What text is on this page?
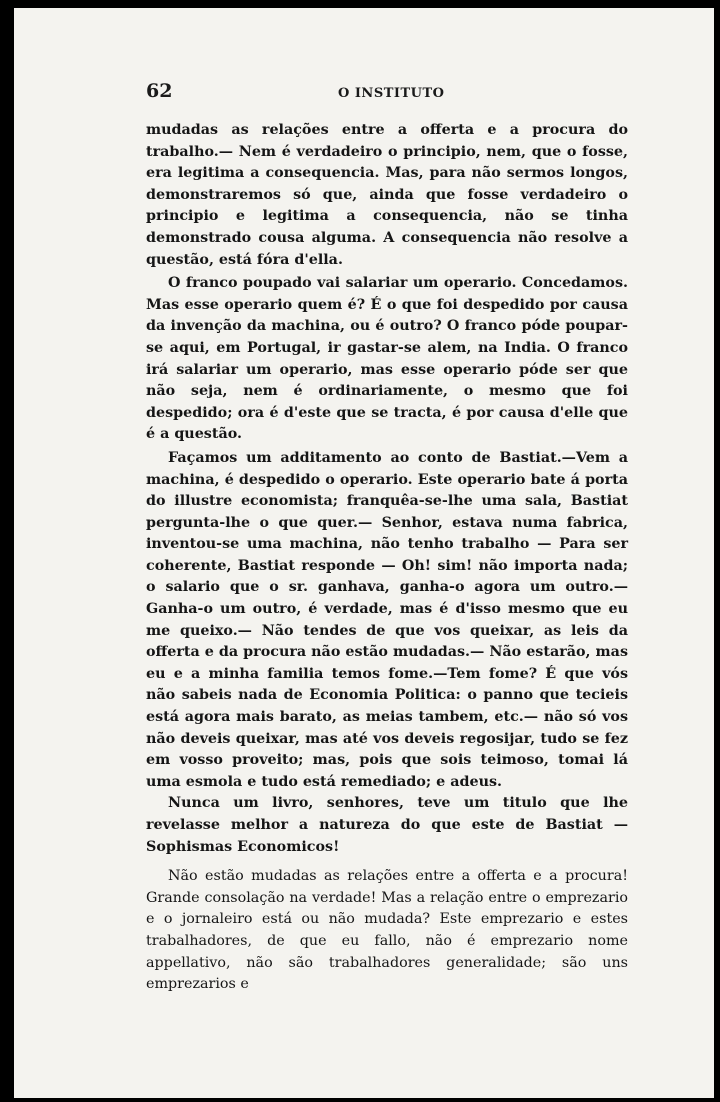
62	O INSTITUTO

mudadas as relações entre a offerta e a procura do trabalho.— Nem é verdadeiro o principio, nem, que o fosse, era legitima a consequencia. Mas, para não sermos longos, demonstraremos só que, ainda que fosse verdadeiro o principio e legitima a consequencia, não se tinha demonstrado cousa alguma. A consequencia não resolve a questão, está fóra d'ella.

O franco poupado vai salariar um operario. Concedamos. Mas esse operario quem é? É o que foi despedido por causa da invenção da machina, ou é outro? O franco póde poupar-se aqui, em Portugal, ir gastar-se alem, na India. O franco irá salariar um operario, mas esse operario póde ser que não seja, nem é ordinariamente, o mesmo que foi despedido; ora é d'este que se tracta, é por causa d'elle que é a questão.

Façamos um additamento ao conto de Bastiat.—Vem a machina, é despedido o operario. Este operario bate á porta do illustre economista; franquêa-se-lhe uma sala, Bastiat pergunta-lhe o que quer.— Senhor, estava numa fabrica, inventou-se uma machina, não tenho trabalho — Para ser coherente, Bastiat responde — Oh! sim! não importa nada; o salario que o sr. ganhava, ganha-o agora um outro.— Ganha-o um outro, é verdade, mas é d'isso mesmo que eu me queixo.— Não tendes de que vos queixar, as leis da offerta e da procura não estão mudadas.— Não estarão, mas eu e a minha familia temos fome.—Tem fome? É que vós não sabeis nada de Economia Politica: o panno que tecieis está agora mais barato, as meias tambem, etc.— não só vos não deveis queixar, mas até vos deveis regosijar, tudo se fez em vosso proveito; mas, pois que sois teimoso, tomai lá uma esmola e tudo está remediado; e adeus.

Nunca um livro, senhores, teve um titulo que lhe revelasse melhor a natureza do que este de Bastiat — Sophismas Economicos!

Não estão mudadas as relações entre a offerta e a procura! Grande consolação na verdade! Mas a relação entre o emprezario e o jornaleiro está ou não mudada? Este emprezario e estes trabalhadores, de que eu fallo, não é emprezario nome appellativo, não são trabalhadores generalidade; são uns emprezarios e
